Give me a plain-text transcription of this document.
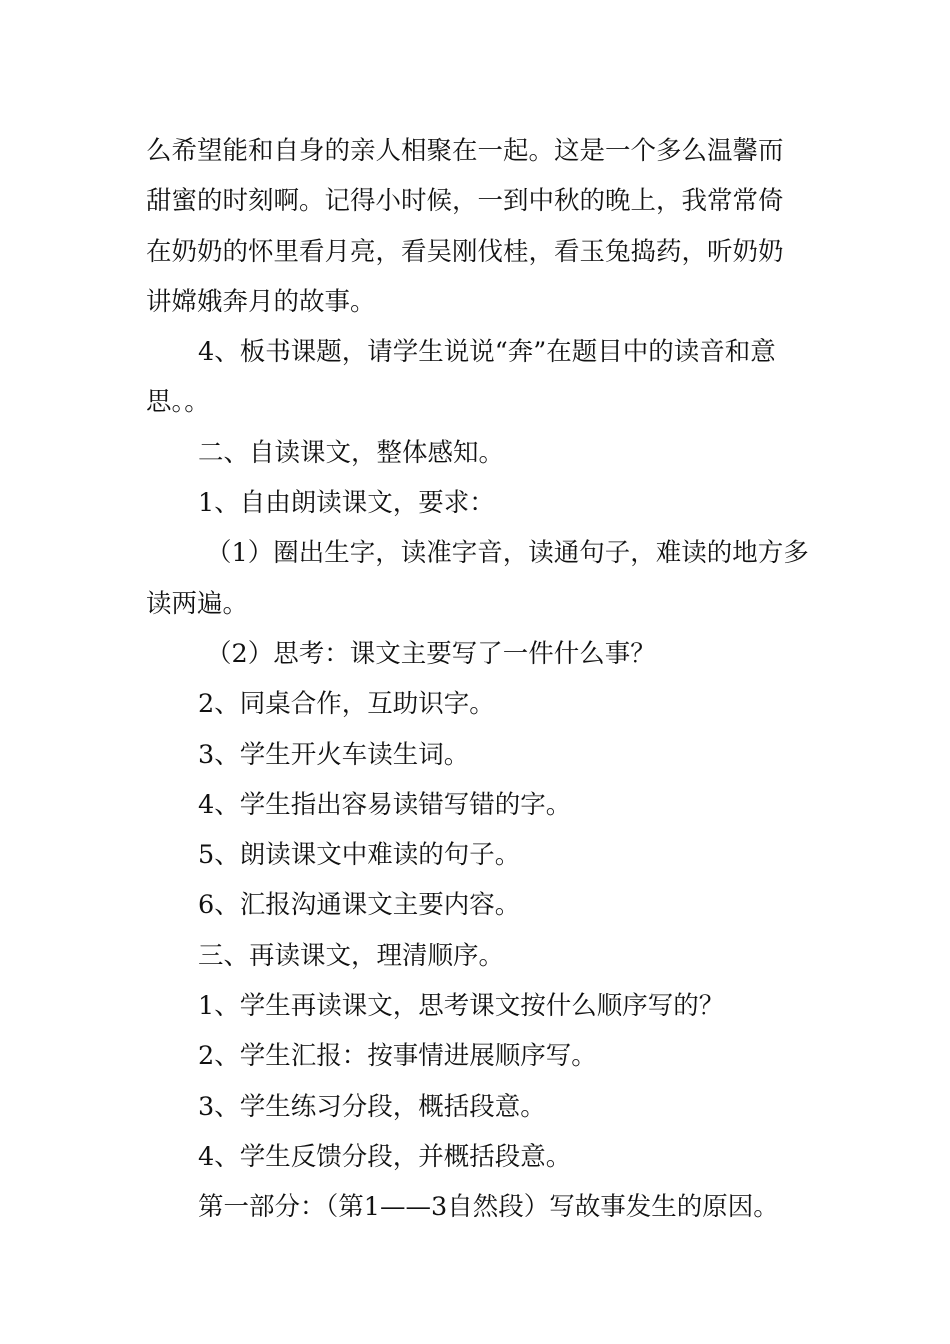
么希望能和自身的亲人相聚在一起。这是一个多么温馨而
甜蜜的时刻啊。记得小时候，一到中秋的晚上，我常常倚
在奶奶的怀里看月亮，看吴刚伐桂，看玉兔捣药，听奶奶
讲嫦娥奔月的故事。
4、板书课题，请学生说说“奔”在题目中的读音和意
思。。
二、自读课文，整体感知。
1、自由朗读课文，要求：
（1）圈出生字，读准字音，读通句子，难读的地方多
读两遍。
（2）思考：课文主要写了一件什么事？
2、同桌合作，互助识字。
3、学生开火车读生词。
4、学生指出容易读错写错的字。
5、朗读课文中难读的句子。
6、汇报沟通课文主要内容。
三、再读课文，理清顺序。
1、学生再读课文，思考课文按什么顺序写的？
2、学生汇报：按事情进展顺序写。
3、学生练习分段，概括段意。
4、学生反馈分段，并概括段意。
第一部分：（第1——3自然段）写故事发生的原因。
